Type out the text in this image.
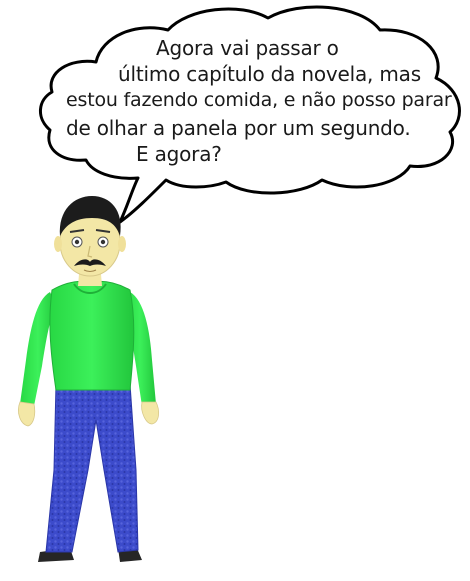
Agora vai passar o
último capítulo da novela, mas
estou fazendo comida, e não posso parar
de olhar a panela por um segundo.
E agora?
